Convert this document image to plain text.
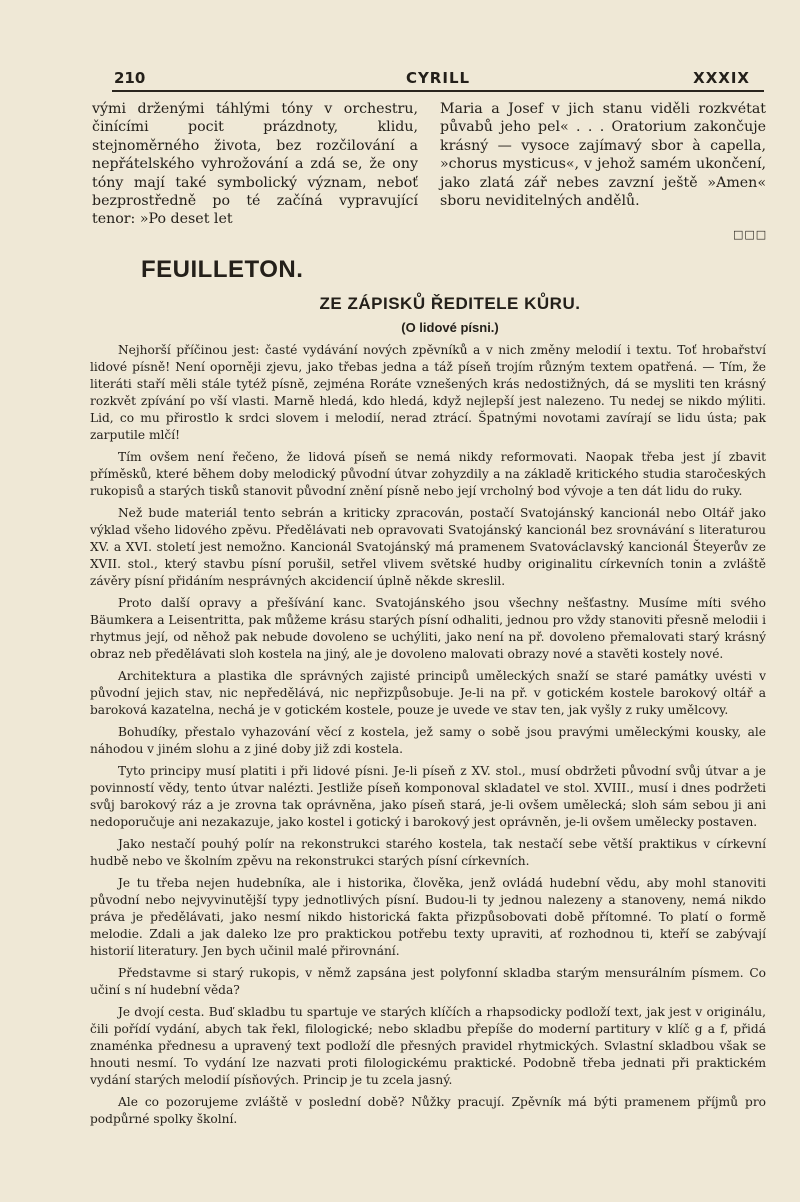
210	CYRILL	XXXIX

vými drženými táhlými tóny v orchestru, činícími pocit prázdnoty, klidu, stejnoměrného života, bez rozčilování a nepřátelského vyhrožování a zdá se, že ony tóny mají také symbolický význam, neboť bezprostředně po té začíná vypravující tenor: »Po deset let

Maria a Josef v jich stanu viděli rozkvétat půvabů jeho pel« . . . Oratorium zakončuje krásný — vysoce zajímavý sbor à capella, »chorus mysticus«, v jehož samém ukončení, jako zlatá zář nebes zavzní ještě »Amen« sboru neviditelných andělů.

□□□
FEUILLETON.
ZE ZÁPISKŮ ŘEDITELE KŮRU.
(O lidové písni.)

Nejhorší příčinou jest: časté vydávání nových zpěvníků a v nich změny melodií i textu. Toť hrobařství lidové písně! Není oporněji zjevu, jako třebas jedna a táž píseň trojím různým textem opatřená. — Tím, že literáti staří měli stále tytéž písně, zejména Roráte vznešených krás nedostižných, dá se mysliti ten krásný rozkvět zpívání po vší vlasti. Marně hledá, kdo hledá, když nejlepší jest nalezeno. Tu nedej se nikdo mýliti. Lid, co mu přirostlo k srdci slovem i melodií, nerad ztrácí. Špatnými novotami zavírají se lidu ústa; pak zarputile mlčí!

Tím ovšem není řečeno, že lidová píseň se nemá nikdy reformovati. Naopak třeba jest jí zbavit příměsků, které během doby melodický původní útvar zohyzdily a na základě kritického studia staročeských rukopisů a starých tisků stanovit původní znění písně nebo její vrcholný bod vývoje a ten dát lidu do ruky.

Než bude materiál tento sebrán a kriticky zpracován, postačí Svatojánský kancionál nebo Oltář jako výklad všeho lidového zpěvu. Předělávati neb opravovati Svatojánský kancionál bez srovnávání s literaturou XV. a XVI. století jest nemožno. Kancionál Svatojánský má pramenem Svatováclavský kancionál Šteyerův ze XVII. stol., který stavbu písní porušil, setřel vlivem světské hudby originalitu církevních tonin a zvláště závěry písní přidáním nesprávných akcidencií úplně někde skreslil.

Proto další opravy a přešívání kanc. Svatojánského jsou všechny nešťastny. Musíme míti svého Bäumkera a Leisentritta, pak můžeme krásu starých písní odhaliti, jednou pro vždy stanoviti přesně melodii i rhytmus její, od něhož pak nebude dovoleno se uchýliti, jako není na př. dovoleno přemalovati starý krásný obraz neb předělávati sloh kostela na jiný, ale je dovoleno malovati obrazy nové a stavěti kostely nové.

Architektura a plastika dle správných zajisté principů uměleckých snaží se staré památky uvésti v původní jejich stav, nic nepředělává, nic nepřizpůsobuje. Je-li na př. v gotickém kostele barokový oltář a baroková kazatelna, nechá je v gotickém kostele, pouze je uvede ve stav ten, jak vyšly z ruky umělcovy.

Bohudíky, přestalo vyhazování věcí z kostela, jež samy o sobě jsou pravými uměleckými kousky, ale náhodou v jiném slohu a z jiné doby již zdi kostela.

Tyto principy musí platiti i při lidové písni. Je-li píseň z XV. stol., musí obdržeti původní svůj útvar a je povinností vědy, tento útvar nalézti. Jestliže píseň komponoval skladatel ve stol. XVIII., musí i dnes podržeti svůj barokový ráz a je zrovna tak oprávněna, jako píseň stará, je-li ovšem umělecká; sloh sám sebou ji ani nedoporučuje ani nezakazuje, jako kostel i gotický i barokový jest oprávněn, je-li ovšem umělecky postaven.

Jako nestačí pouhý polír na rekonstrukci starého kostela, tak nestačí sebe větší praktikus v církevní hudbě nebo ve školním zpěvu na rekonstrukci starých písní církevních.

Je tu třeba nejen hudebníka, ale i historika, člověka, jenž ovládá hudební vědu, aby mohl stanoviti původní nebo nejvyvinutější typy jednotlivých písní. Budou-li ty jednou nalezeny a stanoveny, nemá nikdo práva je předělávati, jako nesmí nikdo historická fakta přizpůsobovati době přítomné. To platí o formě melodie. Zdali a jak daleko lze pro praktickou potřebu texty upraviti, ať rozhodnou ti, kteří se zabývají historií literatury. Jen bych učinil malé přirovnání.

Představme si starý rukopis, v němž zapsána jest polyfonní skladba starým mensurálním písmem. Co učiní s ní hudební věda?

Je dvojí cesta. Buď skladbu tu spartuje ve starých klíčích a rhapsodicky podloží text, jak jest v originálu, čili pořídí vydání, abych tak řekl, filologické; nebo skladbu přepíše do moderní partitury v klíč g a f, přidá znaménka přednesu a upravený text podloží dle přesných pravidel rhytmických. Svlastní skladbou však se hnouti nesmí. To vydání lze nazvati proti filologickému praktické. Podobně třeba jednati při praktickém vydání starých melodií písňových. Princip je tu zcela jasný.

Ale co pozorujeme zvláště v poslední době? Nůžky pracují. Zpěvník má býti pramenem příjmů pro podpůrné spolky školní.
